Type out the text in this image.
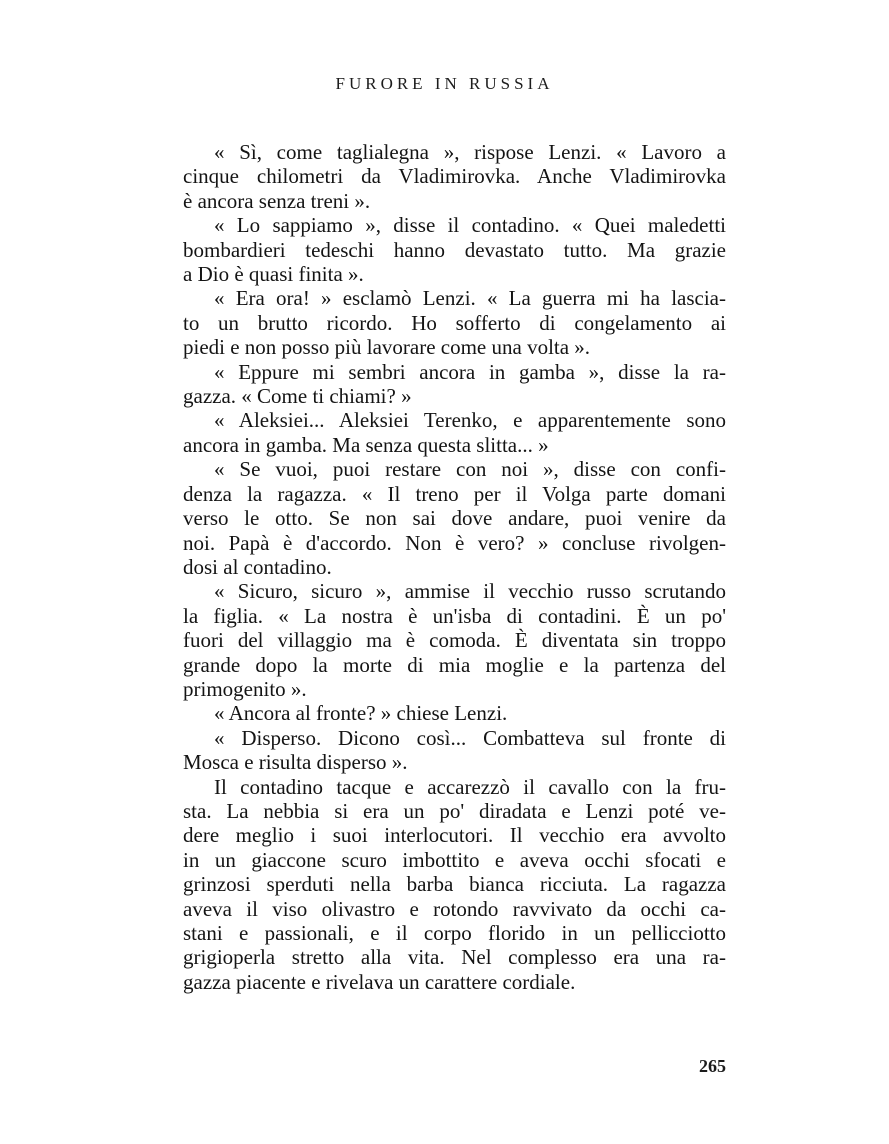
FURORE IN RUSSIA
« Sì, come taglialegna », rispose Lenzi. « Lavoro a
cinque chilometri da Vladimirovka. Anche Vladimirovka
è ancora senza treni ».
« Lo sappiamo », disse il contadino. « Quei maledetti
bombardieri tedeschi hanno devastato tutto. Ma grazie
a Dio è quasi finita ».
« Era ora! » esclamò Lenzi. « La guerra mi ha lascia-
to un brutto ricordo. Ho sofferto di congelamento ai
piedi e non posso più lavorare come una volta ».
« Eppure mi sembri ancora in gamba », disse la ra-
gazza. « Come ti chiami? »
« Aleksiei... Aleksiei Terenko, e apparentemente sono
ancora in gamba. Ma senza questa slitta... »
« Se vuoi, puoi restare con noi », disse con confi-
denza la ragazza. « Il treno per il Volga parte domani
verso le otto. Se non sai dove andare, puoi venire da
noi. Papà è d'accordo. Non è vero? » concluse rivolgen-
dosi al contadino.
« Sicuro, sicuro », ammise il vecchio russo scrutando
la figlia. « La nostra è un'isba di contadini. È un po'
fuori del villaggio ma è comoda. È diventata sin troppo
grande dopo la morte di mia moglie e la partenza del
primogenito ».
« Ancora al fronte? » chiese Lenzi.
« Disperso. Dicono così... Combatteva sul fronte di
Mosca e risulta disperso ».
Il contadino tacque e accarezzò il cavallo con la fru-
sta. La nebbia si era un po' diradata e Lenzi poté ve-
dere meglio i suoi interlocutori. Il vecchio era avvolto
in un giaccone scuro imbottito e aveva occhi sfocati e
grinzosi sperduti nella barba bianca ricciuta. La ragazza
aveva il viso olivastro e rotondo ravvivato da occhi ca-
stani e passionali, e il corpo florido in un pellicciotto
grigioperla stretto alla vita. Nel complesso era una ra-
gazza piacente e rivelava un carattere cordiale.
265
